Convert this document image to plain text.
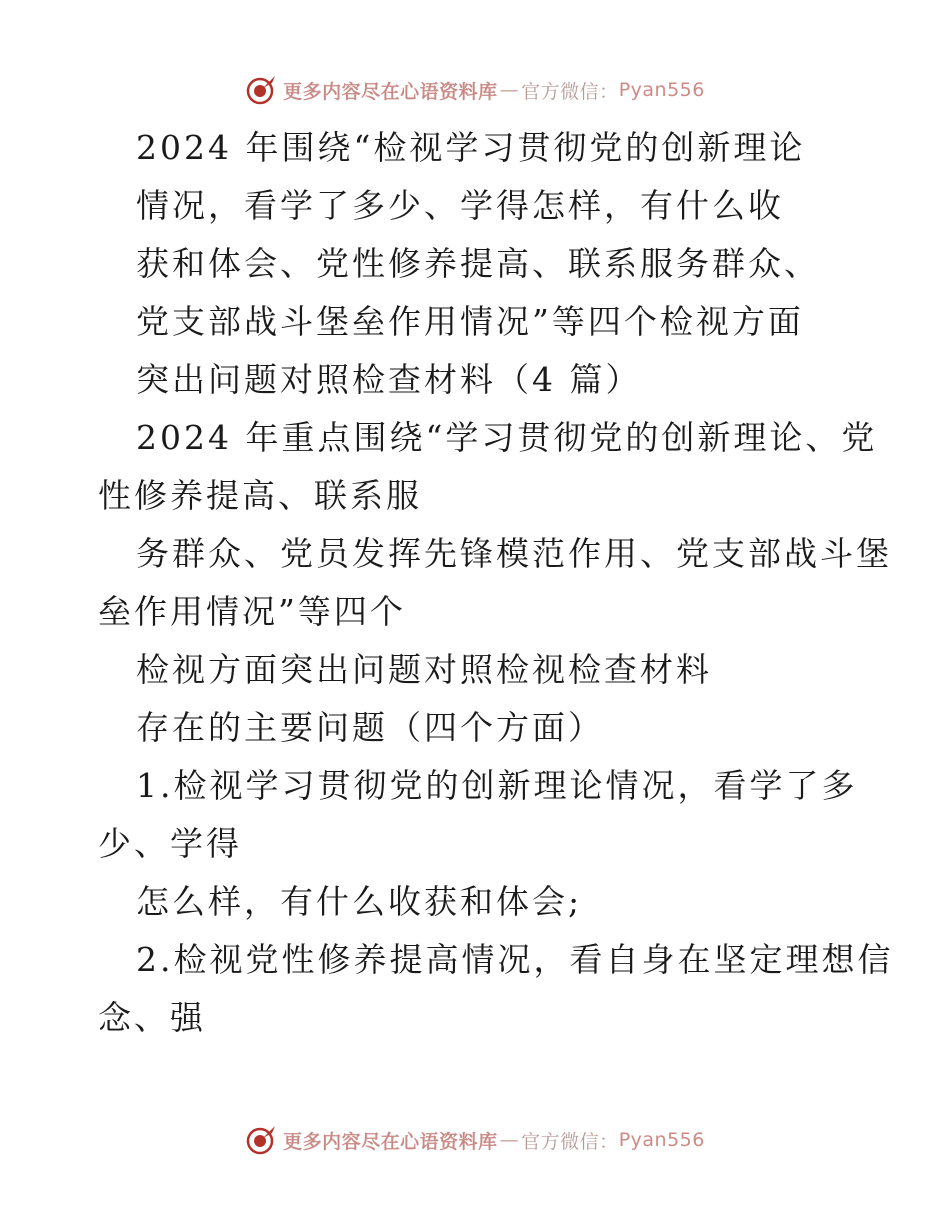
更多内容尽在心语资料库 — 官方微信： Pyan556
2024 年围绕“检视学习贯彻党的创新理论
情况，看学了多少、学得怎样，有什么收
获和体会、党性修养提高、联系服务群众、
党支部战斗堡垒作用情况”等四个检视方面
突出问题对照检查材料（4 篇）
2024 年重点围绕“学习贯彻党的创新理论、党
性修养提高、联系服
务群众、党员发挥先锋模范作用、党支部战斗堡
垒作用情况”等四个
检视方面突出问题对照检视检查材料
存在的主要问题（四个方面）
1.检视学习贯彻党的创新理论情况，看学了多
少、学得
怎么样，有什么收获和体会;
2.检视党性修养提高情况，看自身在坚定理想信
念、强
更多内容尽在心语资料库 — 官方微信： Pyan556
